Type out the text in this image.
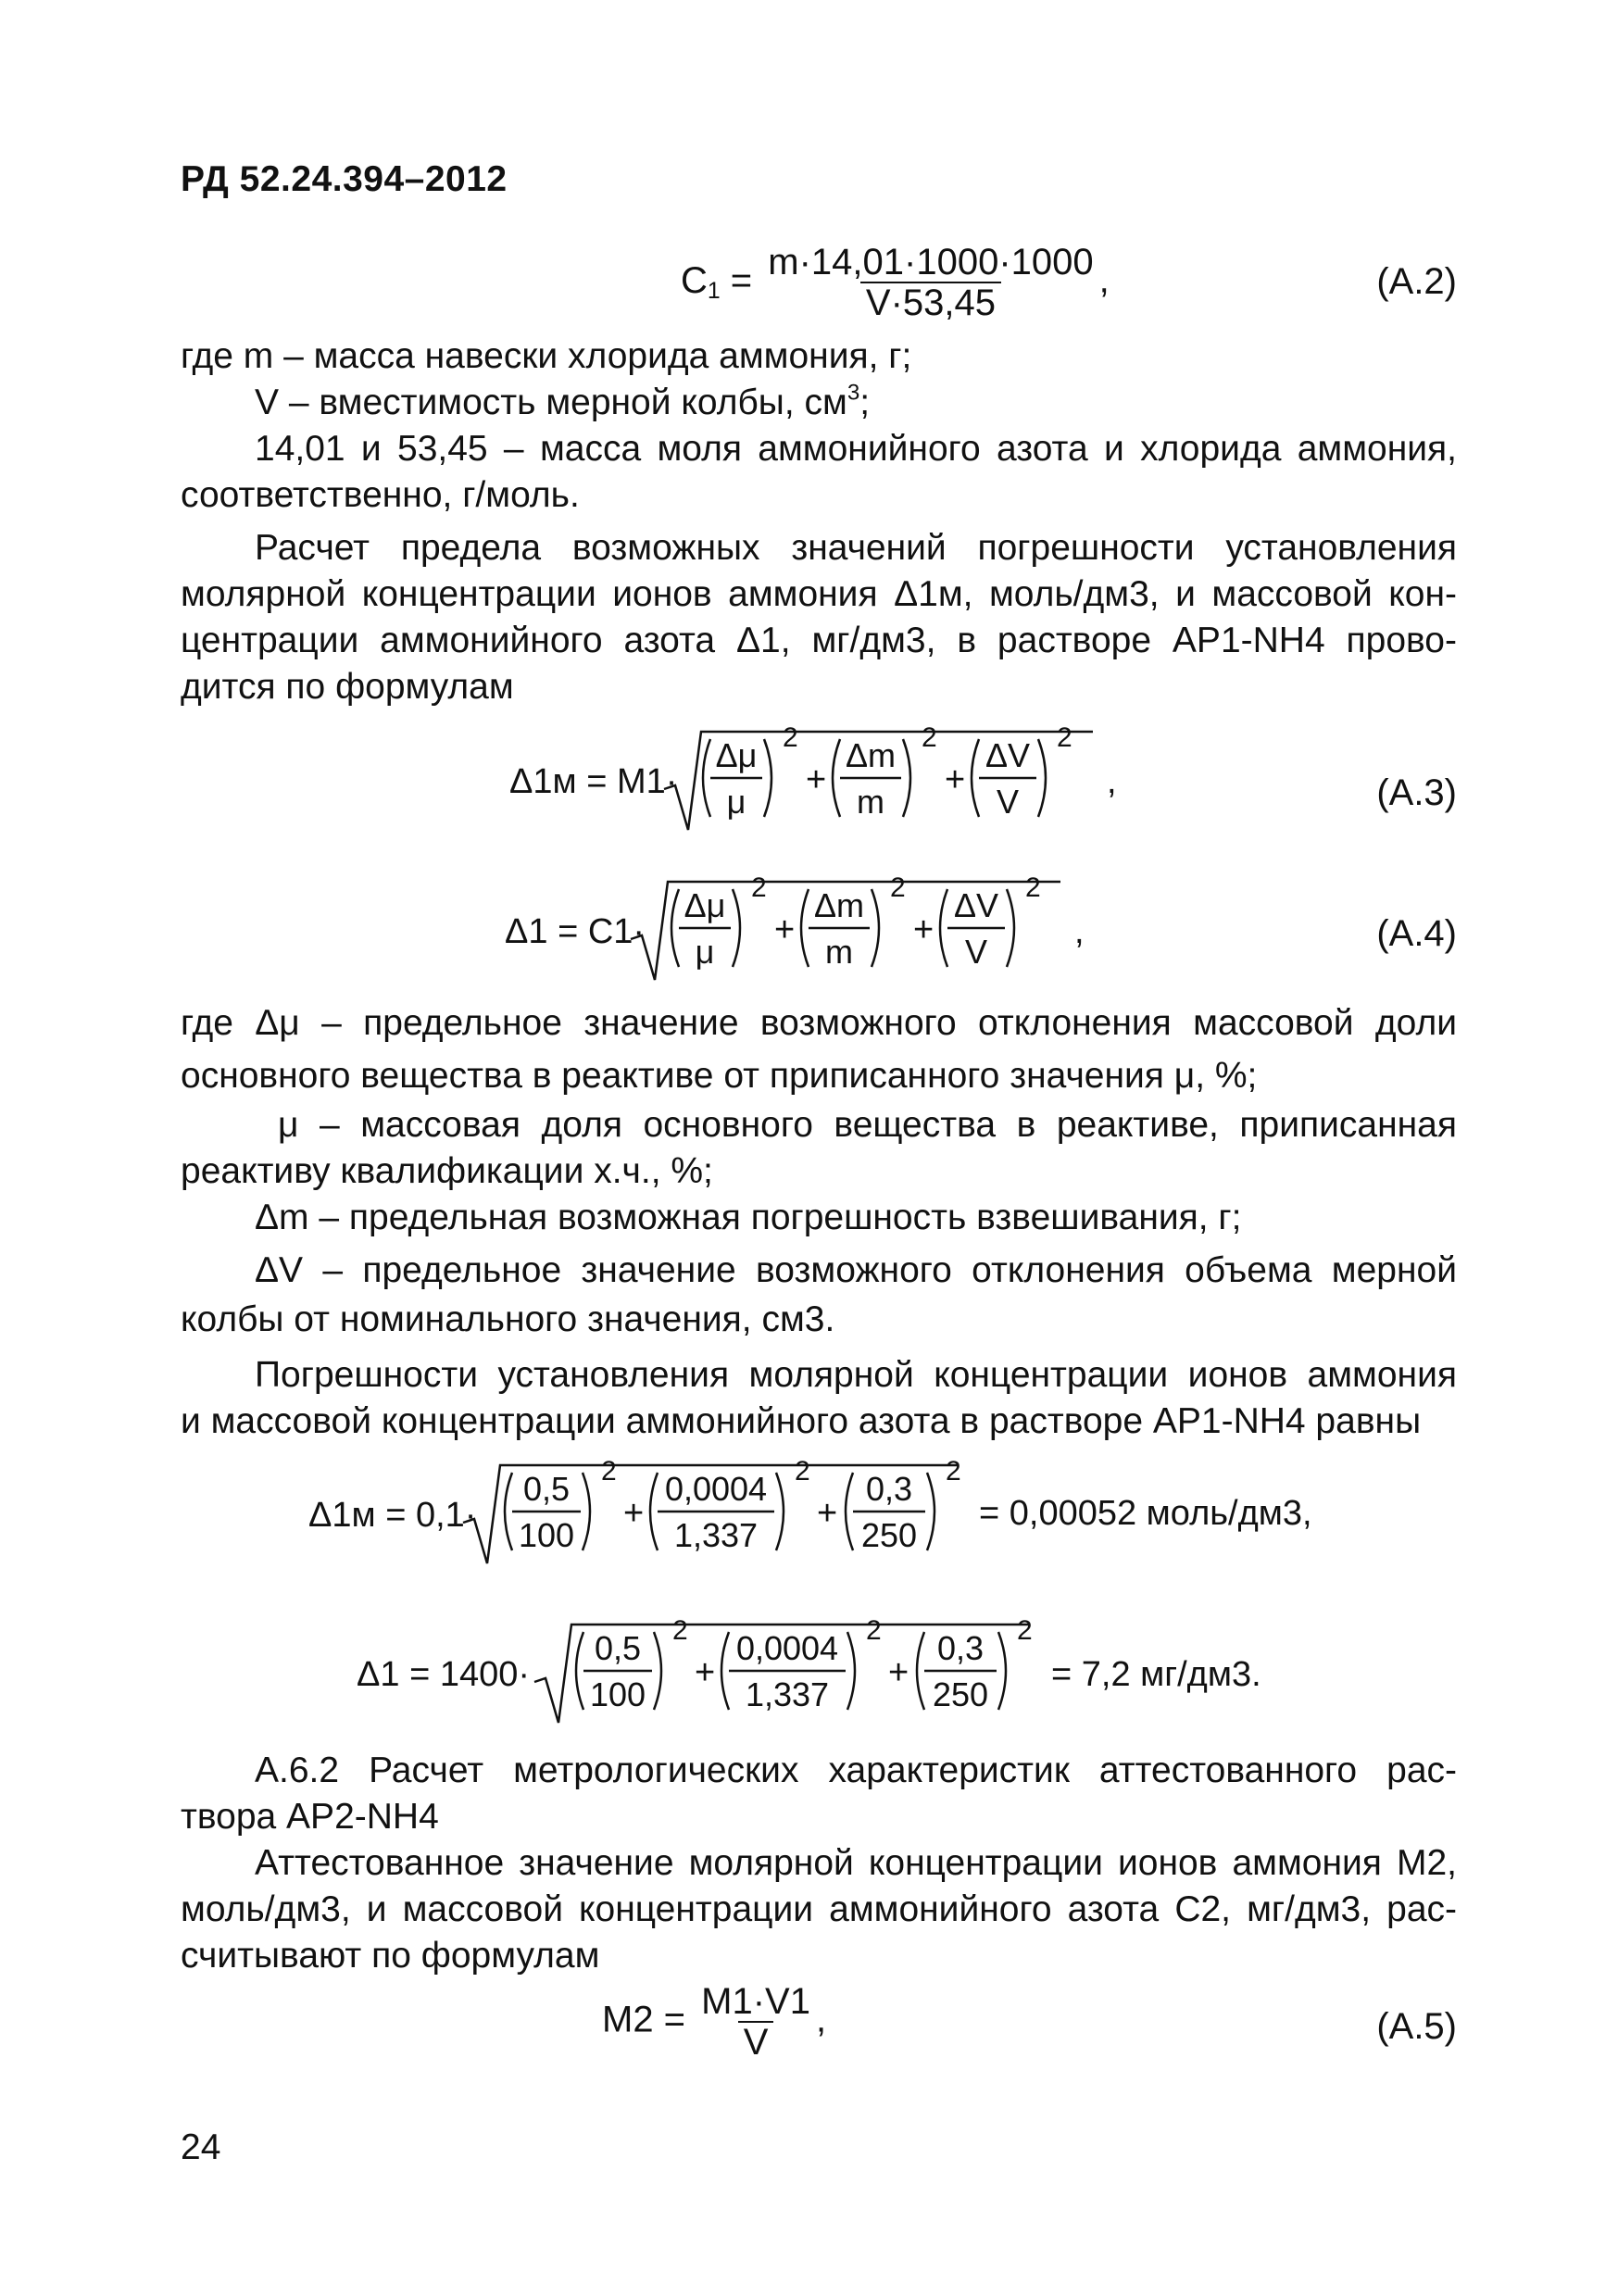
РД 52.24.394–2012
$C_1 = \frac{m\cdot 14,01\cdot 1000\cdot 1000}{V\cdot 53,45}$ ,	(А.2)
где m – масса навески хлорида аммония, г;
V – вместимость мерной колбы, $см^3$;
14,01 и 53,45 – масса моля аммонийного азота и хлорида аммония,
соответственно, г/моль.
Расчет предела возможных значений погрешности установления
молярной концентрации ионов аммония Δ1м, моль/дм3, и массовой кон-
центрации аммонийного азота Δ1, мг/дм3, в растворе АР1-NH4 прово-
дится по формулам
Δ1м = M1·
Δμ
μ
2
+
Δm
m
2
+
ΔV
V
2
,	(А.3)
Δ1 = C1·
Δμ
μ
2
+
Δm
m
2
+
ΔV
V
2
,	(А.4)
где Δμ – предельное значение возможного отклонения массовой доли
основного вещества в реактиве от приписанного значения μ, %;
μ – массовая доля основного вещества в реактиве, приписанная
реактиву квалификации х.ч., %;
Δm – предельная возможная погрешность взвешивания, г;
ΔV – предельное значение возможного отклонения объема мерной
колбы от номинального значения, см3.
Погрешности установления молярной концентрации ионов аммония
и массовой концентрации аммонийного азота в растворе АР1-NH4 равны
Δ1м = 0,1·
0,5
100
2
+
0,0004
1,337
2
+
0,3
250
2
= 0,00052 моль/дм3,
Δ1 = 1400·
0,5
100
2
+
0,0004
1,337
2
+
0,3
250
2
= 7,2 мг/дм3.
А.6.2 Расчет метрологических характеристик аттестованного рас-
твора АР2-NH4
Аттестованное значение молярной концентрации ионов аммония M2,
моль/дм3, и массовой концентрации аммонийного азота C2, мг/дм3, рас-
считывают по формулам
$M2 = \frac{M1\cdot V1}{V}$ ,	(А.5)
24
